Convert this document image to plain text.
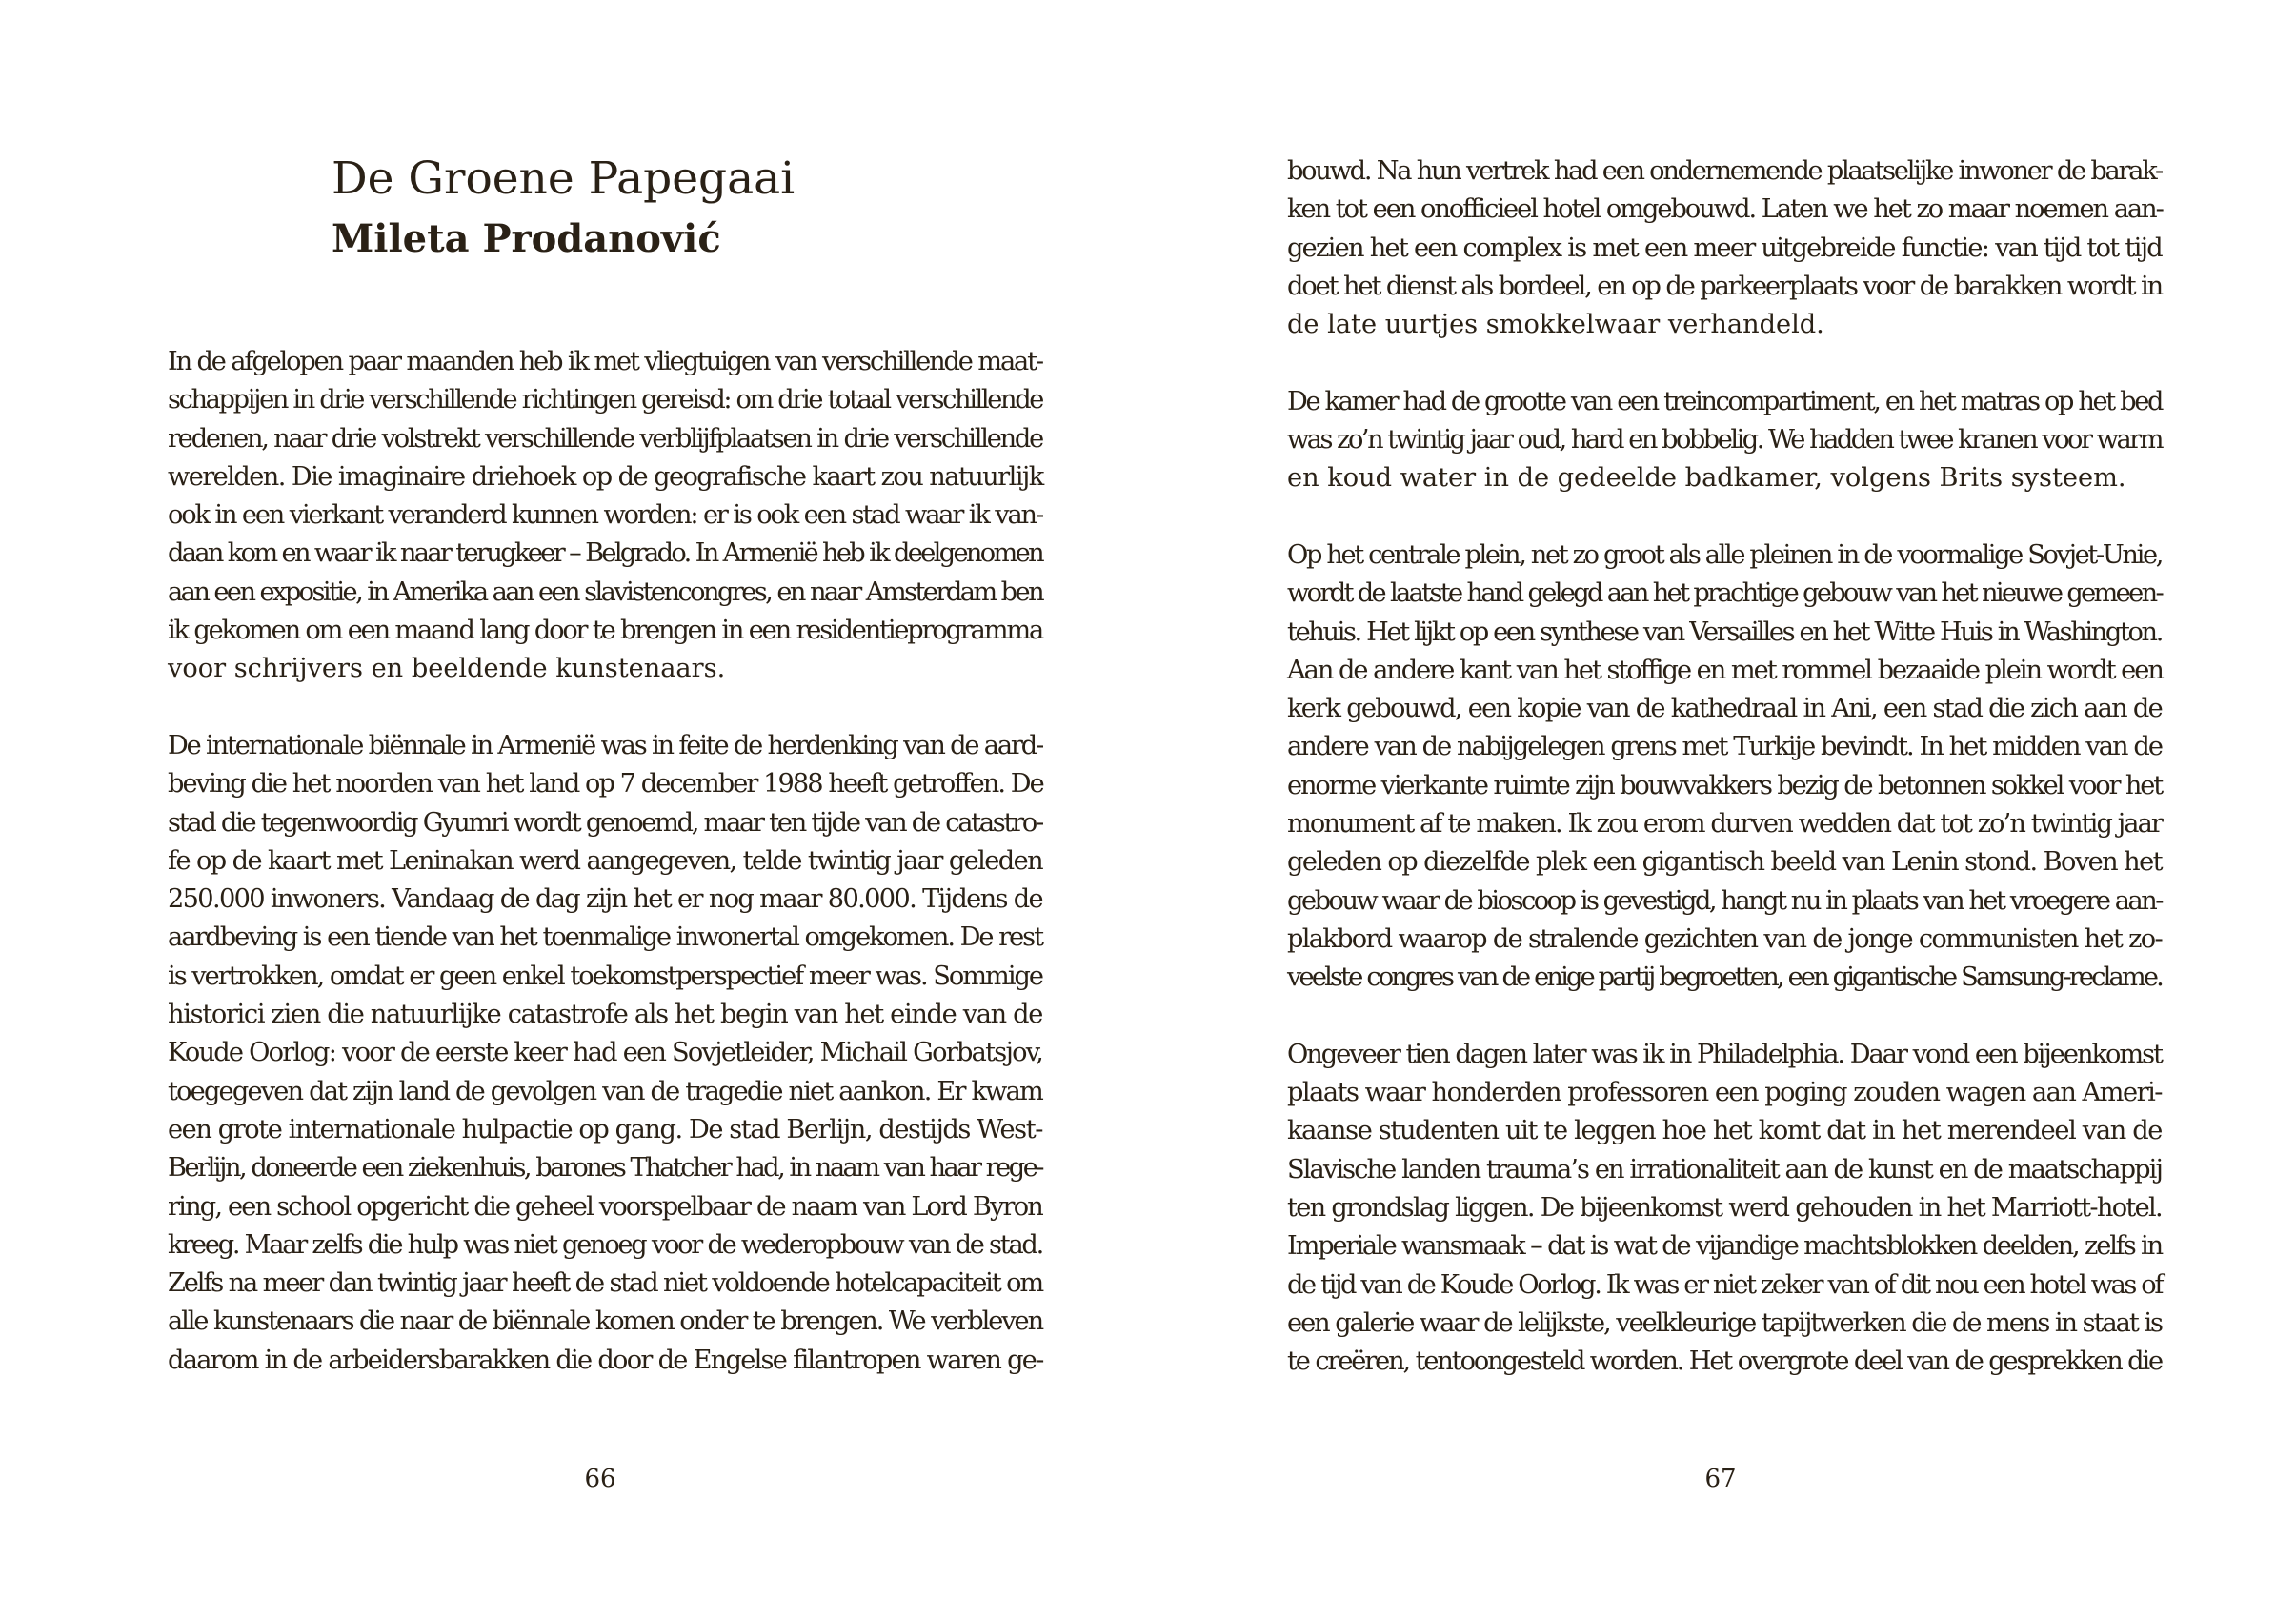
De Groene Papegaai
Mileta Prodanović
In de afgelopen paar maanden heb ik met vliegtuigen van verschillende maat-
schappijen in drie verschillende richtingen gereisd: om drie totaal verschillende
redenen, naar drie volstrekt verschillende verblijfplaatsen in drie verschillende
werelden. Die imaginaire driehoek op de geografische kaart zou natuurlijk
ook in een vierkant veranderd kunnen worden: er is ook een stad waar ik van-
daan kom en waar ik naar terugkeer – Belgrado. In Armenië heb ik deelgenomen
aan een expositie, in Amerika aan een slavistencongres, en naar Amsterdam ben
ik gekomen om een maand lang door te brengen in een residentieprogramma
voor schrijvers en beeldende kunstenaars.
De internationale biënnale in Armenië was in feite de herdenking van de aard-
beving die het noorden van het land op 7 december 1988 heeft getroffen. De
stad die tegenwoordig Gyumri wordt genoemd, maar ten tijde van de catastro-
fe op de kaart met Leninakan werd aangegeven, telde twintig jaar geleden
250.000 inwoners. Vandaag de dag zijn het er nog maar 80.000. Tijdens de
aardbeving is een tiende van het toenmalige inwonertal omgekomen. De rest
is vertrokken, omdat er geen enkel toekomstperspectief meer was. Sommige
historici zien die natuurlijke catastrofe als het begin van het einde van de
Koude Oorlog: voor de eerste keer had een Sovjetleider, Michail Gorbatsjov,
toegegeven dat zijn land de gevolgen van de tragedie niet aankon. Er kwam
een grote internationale hulpactie op gang. De stad Berlijn, destijds West-
Berlijn, doneerde een ziekenhuis, barones Thatcher had, in naam van haar rege-
ring, een school opgericht die geheel voorspelbaar de naam van Lord Byron
kreeg. Maar zelfs die hulp was niet genoeg voor de wederopbouw van de stad.
Zelfs na meer dan twintig jaar heeft de stad niet voldoende hotelcapaciteit om
alle kunstenaars die naar de biënnale komen onder te brengen. We verbleven
daarom in de arbeidersbarakken die door de Engelse filantropen waren ge-
66
bouwd. Na hun vertrek had een ondernemende plaatselijke inwoner de barak-
ken tot een onofficieel hotel omgebouwd. Laten we het zo maar noemen aan-
gezien het een complex is met een meer uitgebreide functie: van tijd tot tijd
doet het dienst als bordeel, en op de parkeerplaats voor de barakken wordt in
de late uurtjes smokkelwaar verhandeld.
De kamer had de grootte van een treincompartiment, en het matras op het bed
was zo’n twintig jaar oud, hard en bobbelig. We hadden twee kranen voor warm
en koud water in de gedeelde badkamer, volgens Brits systeem.
Op het centrale plein, net zo groot als alle pleinen in de voormalige Sovjet-Unie,
wordt de laatste hand gelegd aan het prachtige gebouw van het nieuwe gemeen-
tehuis. Het lijkt op een synthese van Versailles en het Witte Huis in Washington.
Aan de andere kant van het stoffige en met rommel bezaaide plein wordt een
kerk gebouwd, een kopie van de kathedraal in Ani, een stad die zich aan de
andere van de nabijgelegen grens met Turkije bevindt. In het midden van de
enorme vierkante ruimte zijn bouwvakkers bezig de betonnen sokkel voor het
monument af te maken. Ik zou erom durven wedden dat tot zo’n twintig jaar
geleden op diezelfde plek een gigantisch beeld van Lenin stond. Boven het
gebouw waar de bioscoop is gevestigd, hangt nu in plaats van het vroegere aan-
plakbord waarop de stralende gezichten van de jonge communisten het zo-
veelste congres van de enige partij begroetten, een gigantische Samsung-reclame.
Ongeveer tien dagen later was ik in Philadelphia. Daar vond een bijeenkomst
plaats waar honderden professoren een poging zouden wagen aan Ameri-
kaanse studenten uit te leggen hoe het komt dat in het merendeel van de
Slavische landen trauma’s en irrationaliteit aan de kunst en de maatschappij
ten grondslag liggen. De bijeenkomst werd gehouden in het Marriott-hotel.
Imperiale wansmaak – dat is wat de vijandige machtsblokken deelden, zelfs in
de tijd van de Koude Oorlog. Ik was er niet zeker van of dit nou een hotel was of
een galerie waar de lelijkste, veelkleurige tapijtwerken die de mens in staat is
te creëren, tentoongesteld worden. Het overgrote deel van de gesprekken die
67
